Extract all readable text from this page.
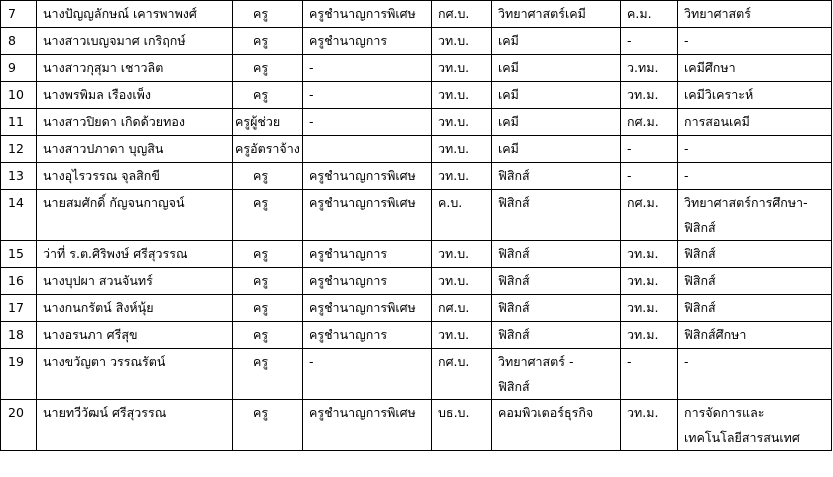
7	นางปัญญลักษณ์ เคารพาพงศ์	ครู	ครูชำนาญการพิเศษ	กศ.บ.	วิทยาศาสตร์เคมี	ค.ม.	วิทยาศาสตร์

8	นางสาวเบญจมาศ เกริฤกษ์	ครู	ครูชำนาญการ	วท.บ.	เคมี	-	-

9	นางสาวกุสุมา เชาวลิต	ครู	-	วท.บ.	เคมี	ว.ทม.	เคมีศึกษา

10	นางพรพิมล เรืองเพ็ง	ครู	-	วท.บ.	เคมี	วท.ม.	เคมีวิเคราะห์

11	นางสาวปิยดา เกิดด้วยทอง	ครูผู้ช่วย	-	วท.บ.	เคมี	กศ.ม.	การสอนเคมี

12	นางสาวปภาดา บุญสิน	ครูอัตราจ้าง		วท.บ.	เคมี	-	-

13	นางอุไรวรรณ จุลสิกขี	ครู	ครูชำนาญการพิเศษ	วท.บ.	ฟิสิกส์	-	-

14	นายสมศักดิ์ กัญจนกาญจน์	ครู	ครูชำนาญการพิเศษ	ค.บ.	ฟิสิกส์	กศ.ม.	วิทยาศาสตร์การศึกษา-
ฟิสิกส์

15	ว่าที่ ร.ต.ศิริพงษ์ ศรีสุวรรณ	ครู	ครูชำนาญการ	วท.บ.	ฟิสิกส์	วท.ม.	ฟิสิกส์

16	นางบุปผา สวนจันทร์	ครู	ครูชำนาญการ	วท.บ.	ฟิสิกส์	วท.ม.	ฟิสิกส์

17	นางกนกรัตน์ สิงห์นุ้ย	ครู	ครูชำนาญการพิเศษ	กศ.บ.	ฟิสิกส์	วท.ม.	ฟิสิกส์

18	นางอรนภา ศรีสุข	ครู	ครูชำนาญการ	วท.บ.	ฟิสิกส์	วท.ม.	ฟิสิกส์ศึกษา

19	นางขวัญตา วรรณรัตน์	ครู	-	กศ.บ.	วิทยาศาสตร์ -
ฟิสิกส์	-	-

20	นายทวีวัฒน์ ศรีสุวรรณ	ครู	ครูชำนาญการพิเศษ	บธ.บ.	คอมพิวเตอร์ธุรกิจ	วท.ม.	การจัดการและ
เทคโนโลยีสารสนเทศ
